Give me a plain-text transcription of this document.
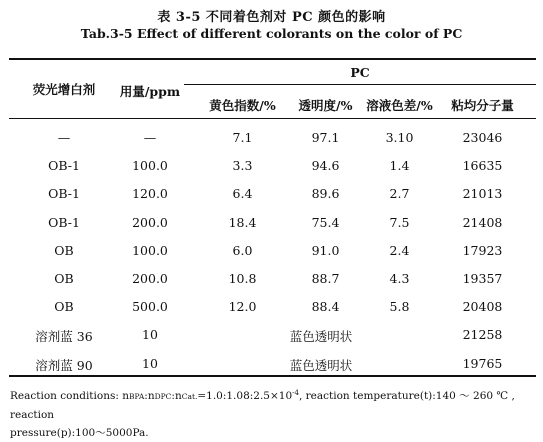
表 3-5 不同着色剂对 PC 颜色的影响
Tab.3-5 Effect of different colorants on the color of PC
荧光增白剂	用量/ppm
PC
黄色指数/%	透明度/%	溶液色差/%	粘均分子量
—	—	7.1	97.1	3.10	23046
OB-1	100.0	3.3	94.6	1.4	16635
OB-1	120.0	6.4	89.6	2.7	21013
OB-1	200.0	18.4	75.4	7.5	21408
OB	100.0	6.0	91.0	2.4	17923
OB	200.0	10.8	88.7	4.3	19357
OB	500.0	12.0	88.4	5.8	20408
溶剂蓝 36	10	蓝色透明状	21258
溶剂蓝 90	10	蓝色透明状	19765
Reaction conditions: $nBPA:nDPC:nCat.=1.0:1.08:2.5\times 10^{-4}$, reaction temperature(t):140 ～ 260 ℃ , reaction
pressure(p):100～5000Pa.
